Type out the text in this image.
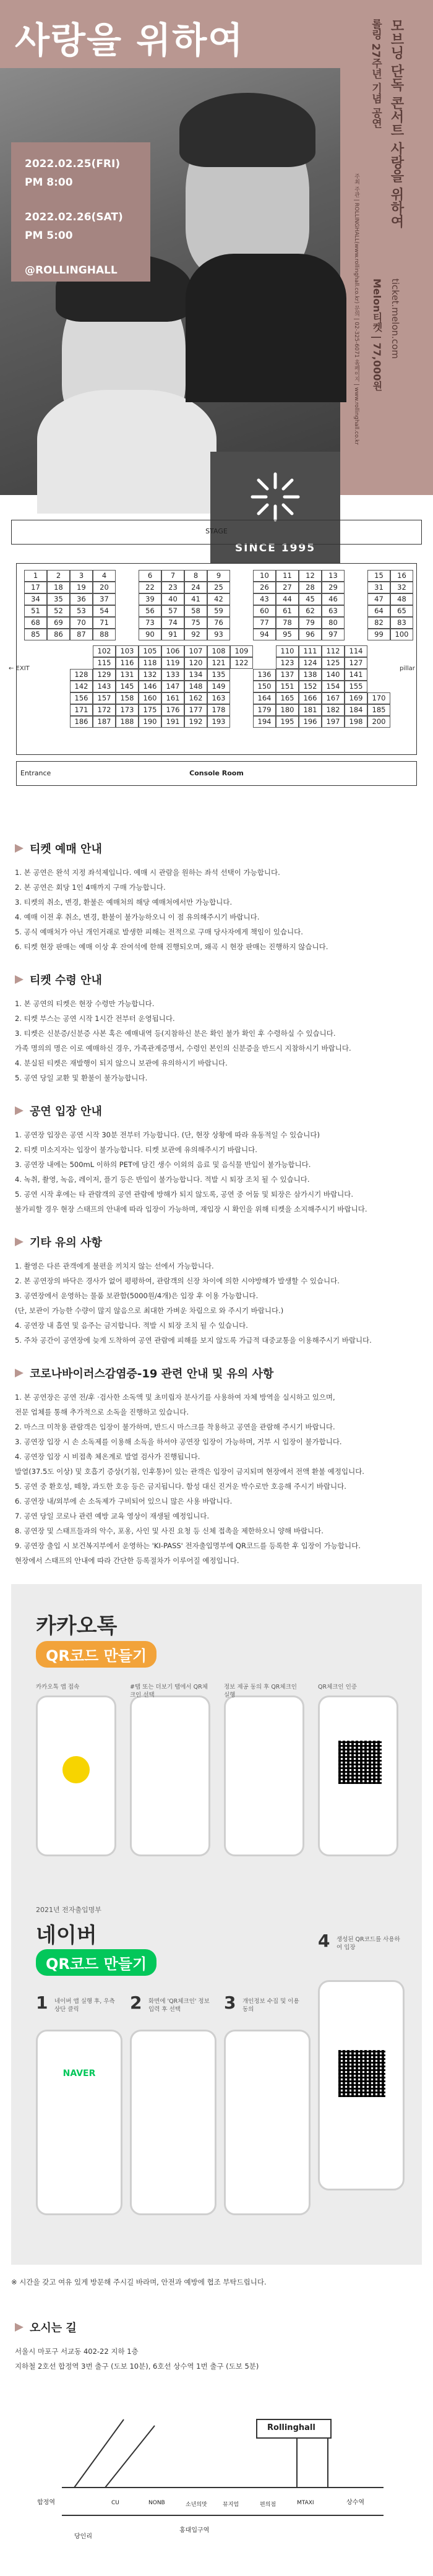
사랑을 위하여
2022.02.25(FRI)
PM 8:00
2022.02.26(SAT)
PM 5:00
@ROLLINGHALL
SINCE 1995
모브닝 단독 콘서트 사랑을 위하여
롤링 27주년 기념 공연
Melon티켓 | 77,000원 ticket.melon.com
주최 주관 | ROLLINGHALL(www.rollinghall.co.kr) 문의 | 02-325-6071 홈페이지 | www.rollinghall.co.kr
STAGE
1	2	3	4	6	7	8	9	10	11	12	13	15	16
17	18	19	20	22	23	24	25	26	27	28	29	31	32
34	35	36	37	39	40	41	42	43	44	45	46	47	48
51	52	53	54	56	57	58	59	60	61	62	63	64	65
68	69	70	71	73	74	75	76	77	78	79	80	82	83
85	86	87	88	90	91	92	93	94	95	96	97	99	100
102	103	105	106	107	108	109	110	111	112	114
115	116	118	119	120	121	122	123	124	125	127
128	129	131	132	133	134	135	136	137	138	140	141
142	143	145	146	147	148	149	150	151	152	154	155
156	157	158	160	161	162	163	164	165	166	167	169	170
171	172	173	175	176	177	178	179	180	181	182	184	185
186	187	188	190	191	192	193	194	195	196	197	198	200
← EXIT	pillar
Entrance	Console Room
티켓 예매 안내
1. 본 공연은 완석 지정 좌석제입니다. 예매 시 관람을 원하는 좌석 선택이 가능합니다.
2. 본 공연은 회당 1인 4매까지 구매 가능합니다.
3. 티켓의 취소, 변경, 환불은 예매처의 해당 예매처에서만 가능합니다.
4. 예매 이전 후 취소, 변경, 환불이 불가능하오니 이 점 유의해주시기 바랍니다.
5. 공식 예매처가 아닌 개인거래로 발생한 피해는 전적으로 구매 당사자에게 책임이 있습니다.
6. 티켓 현장 판매는 예매 이상 후 잔여석에 한해 진행되오며, 왜곡 시 현장 판매는 진행하지 않습니다.
티켓 수령 안내
1. 본 공연의 티켓은 현장 수령만 가능합니다.
2. 티켓 부스는 공연 시작 1시간 전부터 운영됩니다.
3. 티켓은 신분증/신분증 사본 혹은 예매내역 등(지참하신 분은 확인 불가 확인 후 수령하실 수 있습니다.
가족 명의의 명은 이로 예매하신 경우, 가족관계증명서, 수령인 본인의 신분증을 반드시 지참하시기 바랍니다.
4. 분실된 티켓은 재발행이 되지 않으니 보관에 유의하시기 바랍니다.
5. 공연 당일 교환 및 환불이 불가능합니다.
공연 입장 안내
1. 공연장 입장은 공연 시작 30분 전부터 가능합니다. (단, 현장 상황에 따라 유동적일 수 있습니다)
2. 티켓 미소지자는 입장이 불가능합니다. 티켓 보관에 유의해주시기 바랍니다.
3. 공연장 내에는 500mL 이하의 PET에 담긴 생수 이외의 음료 및 음식물 반입이 불가능합니다.
4. 녹취, 촬영, 녹음, 레이저, 플기 등은 반입이 불가능합니다. 적발 시 퇴장 조치 될 수 있습니다.
5. 공연 시작 후에는 타 관람객의 공연 관람에 방해가 되지 않도록, 공연 중 어둠 및 퇴장은 삼가시기 바랍니다.
불가피할 경우 현장 스태프의 안내에 따라 입장이 가능하며, 재입장 시 확인을 위해 티켓을 소지해주시기 바랍니다.
기타 유의 사항
1. 촬영은 다른 관객에게 불편을 끼치지 않는 선에서 가능합니다.
2. 본 공연장의 바닥은 경사가 없어 평평하여, 관람객의 신장 차이에 의한 시야방해가 발생할 수 있습니다.
3. 공연장에서 운영하는 물품 보관함(5000원/4개)은 입장 후 이용 가능합니다.
(단, 보관이 가능한 수량이 많지 않음으로 최대한 가벼운 차림으로 와 주시기 바랍니다.)
4. 공연장 내 흡연 및 음주는 금지합니다. 적발 시 퇴장 조치 될 수 있습니다.
5. 주차 공간이 공연장에 늦게 도착하여 공연 관람에 피해를 보지 않도록 가급적 대중교통을 이용해주시기 바랍니다.
코로나바이러스감염증-19 관련 안내 및 유의 사항
1. 본 공연장은 공연 전/후 ·검사한 소독액 및 초미립자 분사기를 사용하여 자체 방역을 실시하고 있으며,
전문 업체를 통해 추가적으로 소독을 진행하고 있습니다.
2. 마스크 미착용 관람객은 입장이 불가하며, 반드시 마스크를 착용하고 공연을 관람해 주시기 바랍니다.
3. 공연장 입장 시 손 소독제를 이용해 소독을 하셔야 공연장 입장이 가능하며, 거부 시 입장이 불가합니다.
4. 공연장 입장 시 비접촉 체온계로 발열 검사가 진행됩니다.
발열(37.5도 이상) 및 호흡기 증상(기침, 인후통)이 있는 관객은 입장이 금지되며 현장에서 전액 환불 예정입니다.
5. 공연 중 환호성, 떼창, 과도한 호응 등은 금지됩니다. 함성 대신 진거운 박수로만 호응해 주시기 바랍니다.
6. 공연장 내/외부에 손 소독제가 구비되어 있으니 많은 사용 바랍니다.
7. 공연 당일 코로나 관련 예방 교육 영상이 재생될 예정입니다.
8. 공연장 및 스태프들과의 악수, 포옹, 사인 및 사진 요청 등 신체 접촉을 제한하오니 양해 바랍니다.
9. 공연장 출입 시 보건복지부에서 운영하는 'KI-PASS' 전자출입명부에 QR코드를 등록한 후 입장이 가능합니다.
현장에서 스태프의 안내에 따라 간단한 등록절차가 이루어질 예정입니다.
카카오톡
QR코드 만들기
카카오톡 앱 접속	#탭 또는 더보기 탭에서 QR체크인 선택
정보 제공 동의 후 QR체크인 실행
QR체크인 인증
2021년 전자출입명부
네이버
QR코드 만들기
1 네이버 앱 실행 후, 우측상단 클릭	2 화면에 'QR체크인' 정보 입력 후 선택	3 개인정보 수집 및 이용 동의
4 생성된 QR코드를 사용하여 입장
NAVER
※ 시간을 갖고 여유 있게 방문해 주시길 바라며, 안전과 예방에 협조 부탁드립니다.
오시는 길
서울시 마포구 서교동 402-22 지하 1층
지하철 2호선 합정역 3번 출구 (도보 10분), 6호선 상수역 1번 출구 (도보 5분)
Rollinghall
합정역
당인리
홍대입구역
상수역
CU	NONB	소년의맛	뮤지엄	편의점	MTAXI
